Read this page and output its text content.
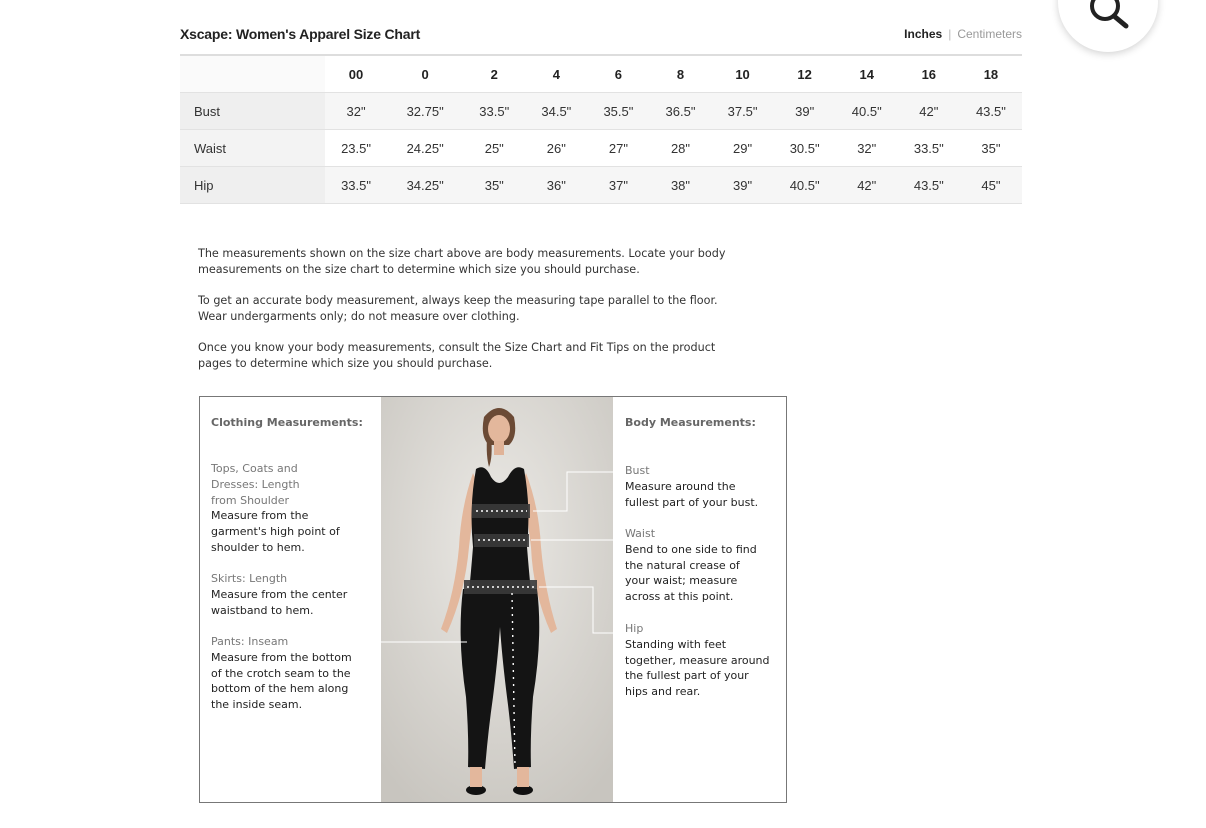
Xscape: Women's Apparel Size Chart	Inches | Centimeters
	00	0	2	4	6	8	10	12	14	16	18
Bust	32"	32.75"	33.5"	34.5"	35.5"	36.5"	37.5"	39"	40.5"	42"	43.5"
Waist	23.5"	24.25"	25"	26"	27"	28"	29"	30.5"	32"	33.5"	35"
Hip	33.5"	34.25"	35"	36"	37"	38"	39"	40.5"	42"	43.5"	45"

The measurements shown on the size chart above are body measurements. Locate your body
measurements on the size chart to determine which size you should purchase.

To get an accurate body measurement, always keep the measuring tape parallel to the floor.
Wear undergarments only; do not measure over clothing.

Once you know your body measurements, consult the Size Chart and Fit Tips on the product
pages to determine which size you should purchase.

Clothing Measurements:
Tops, Coats and
Dresses: Length
from Shoulder
Measure from the
garment's high point of
shoulder to hem.
Skirts: Length
Measure from the center
waistband to hem.
Pants: Inseam
Measure from the bottom
of the crotch seam to the
bottom of the hem along
the inside seam.
Body Measurements:
Bust
Measure around the
fullest part of your bust.
Waist
Bend to one side to find
the natural crease of
your waist; measure
across at this point.
Hip
Standing with feet
together, measure around
the fullest part of your
hips and rear.
